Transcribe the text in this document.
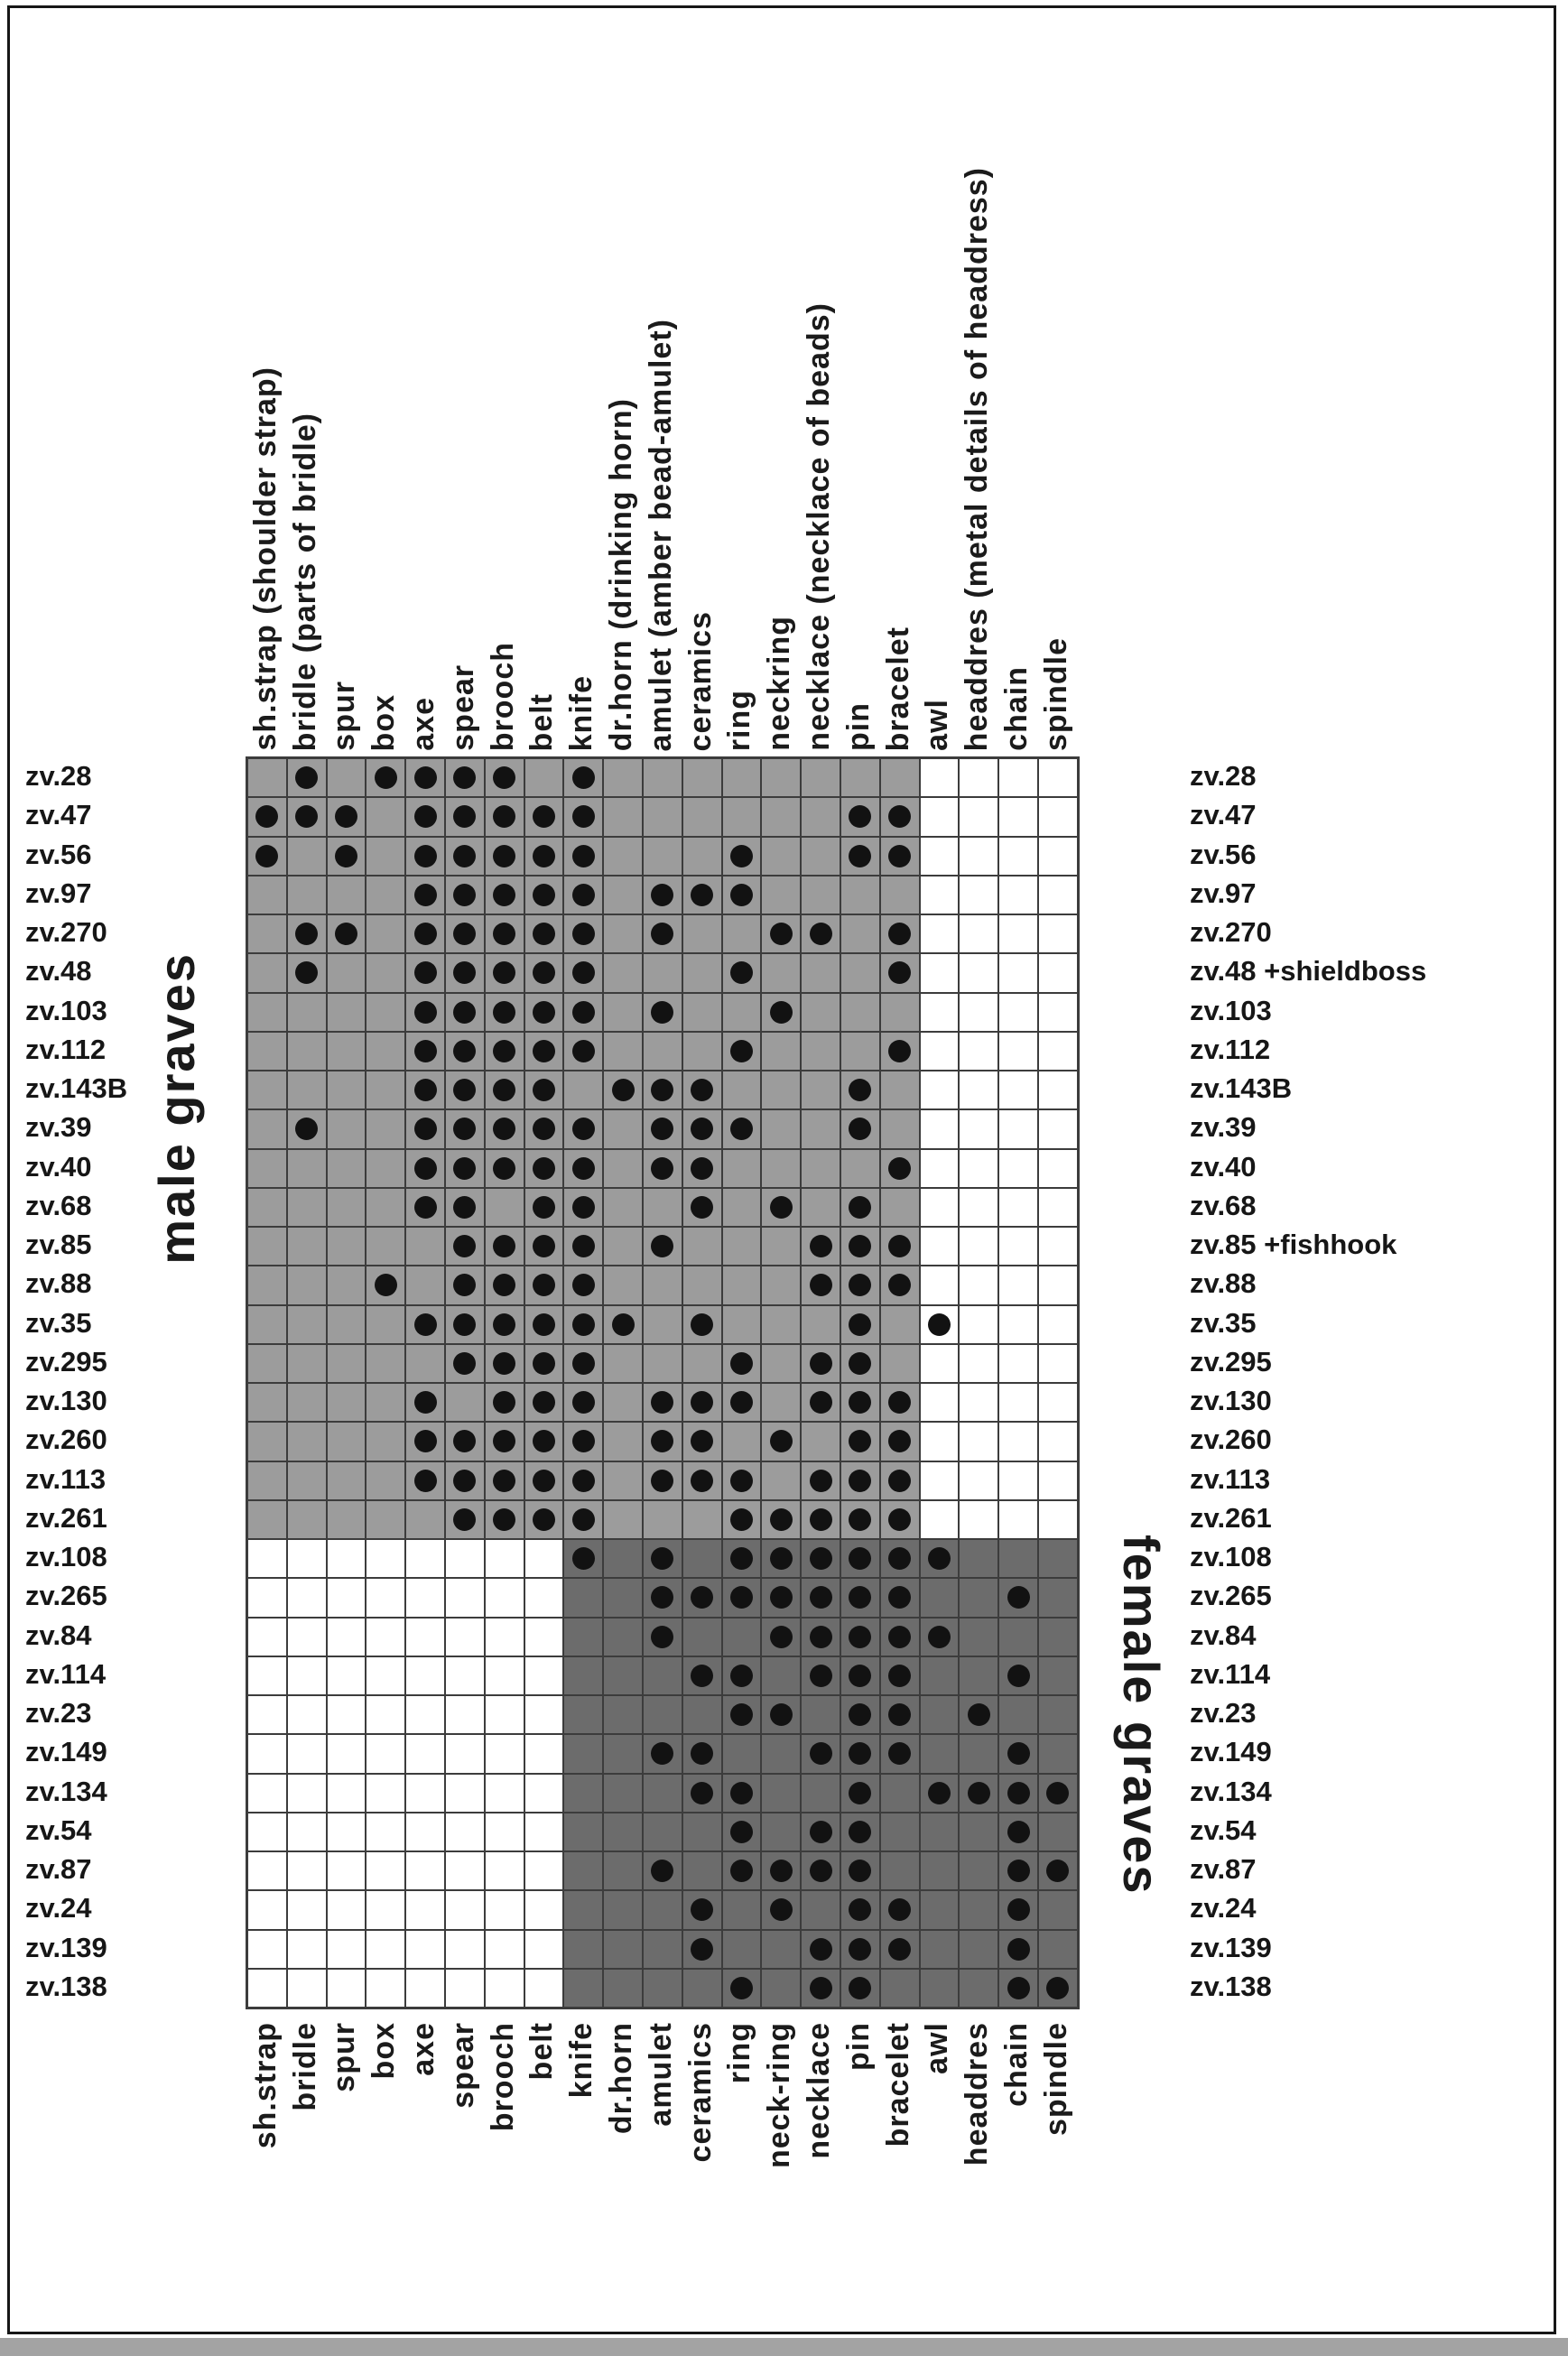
sh.strap (shoulder strap) bridle (parts of bridle) spur box axe spear brooch belt knife dr.horn (drinking horn) amulet (amber bead-amulet) ceramics ring neckring necklace (necklace of beads) pin bracelet awl headdres (metal details of headdress) chain spindle
zv.28
zv.47
zv.56
zv.97
zv.270
zv.48
zv.103
zv.112
zv.143B
zv.39
zv.40
zv.68
zv.85
zv.88
zv.35
zv.295
zv.130
zv.260
zv.113
zv.261
zv.108
zv.265
zv.84
zv.114
zv.23
zv.149
zv.134
zv.54
zv.87
zv.24
zv.139
zv.138
zv.28
zv.47
zv.56
zv.97
zv.270
zv.48 +shieldboss
zv.103
zv.112
zv.143B
zv.39
zv.40
zv.68
zv.85 +fishhook
zv.88
zv.35
zv.295
zv.130
zv.260
zv.113
zv.261
zv.108
zv.265
zv.84
zv.114
zv.23
zv.149
zv.134
zv.54
zv.87
zv.24
zv.139
zv.138
male graves
female graves
sh.strap bridle spur box axe spear brooch belt knife dr.horn amulet ceramics ring neck-ring necklace pin bracelet awl headdres chain spindle
